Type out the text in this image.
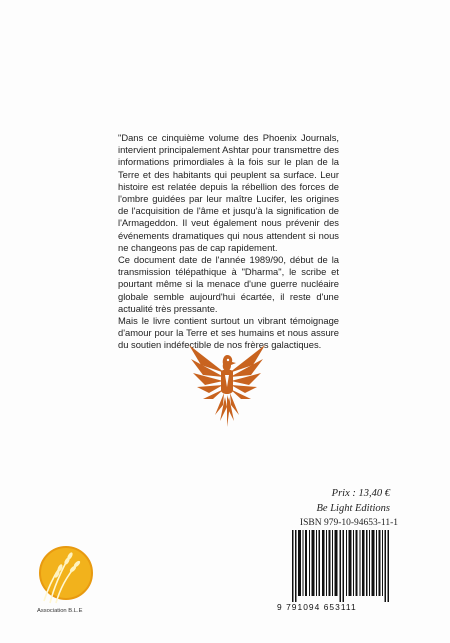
"Dans ce cinquième volume des Phoenix Journals, intervient principalement Ashtar pour transmettre des informations primordiales à la fois sur le plan de la Terre et des habitants qui peuplent sa surface. Leur histoire est relatée depuis la rébellion des forces de l'ombre guidées par leur maître Lucifer, les origines de l'acquisition de l'âme et jusqu'à la signification de l'Armageddon. Il veut également nous prévenir des événements dramatiques qui nous attendent si nous ne changeons pas de cap rapidement.

Ce document date de l'année 1989/90, début de la transmission télépathique à "Dharma", le scribe et pourtant même si la menace d'une guerre nucléaire globale semble aujourd'hui écartée, il reste d'une actualité très pressante.

Mais le livre contient surtout un vibrant témoignage d'amour pour la Terre et ses humains et nous assure du soutien indéfectible de nos frères galactiques.

Prix : 13,40 €
Be Light Editions
ISBN 979-10-94653-11-1
9 791094 653111
Association B.L.E
